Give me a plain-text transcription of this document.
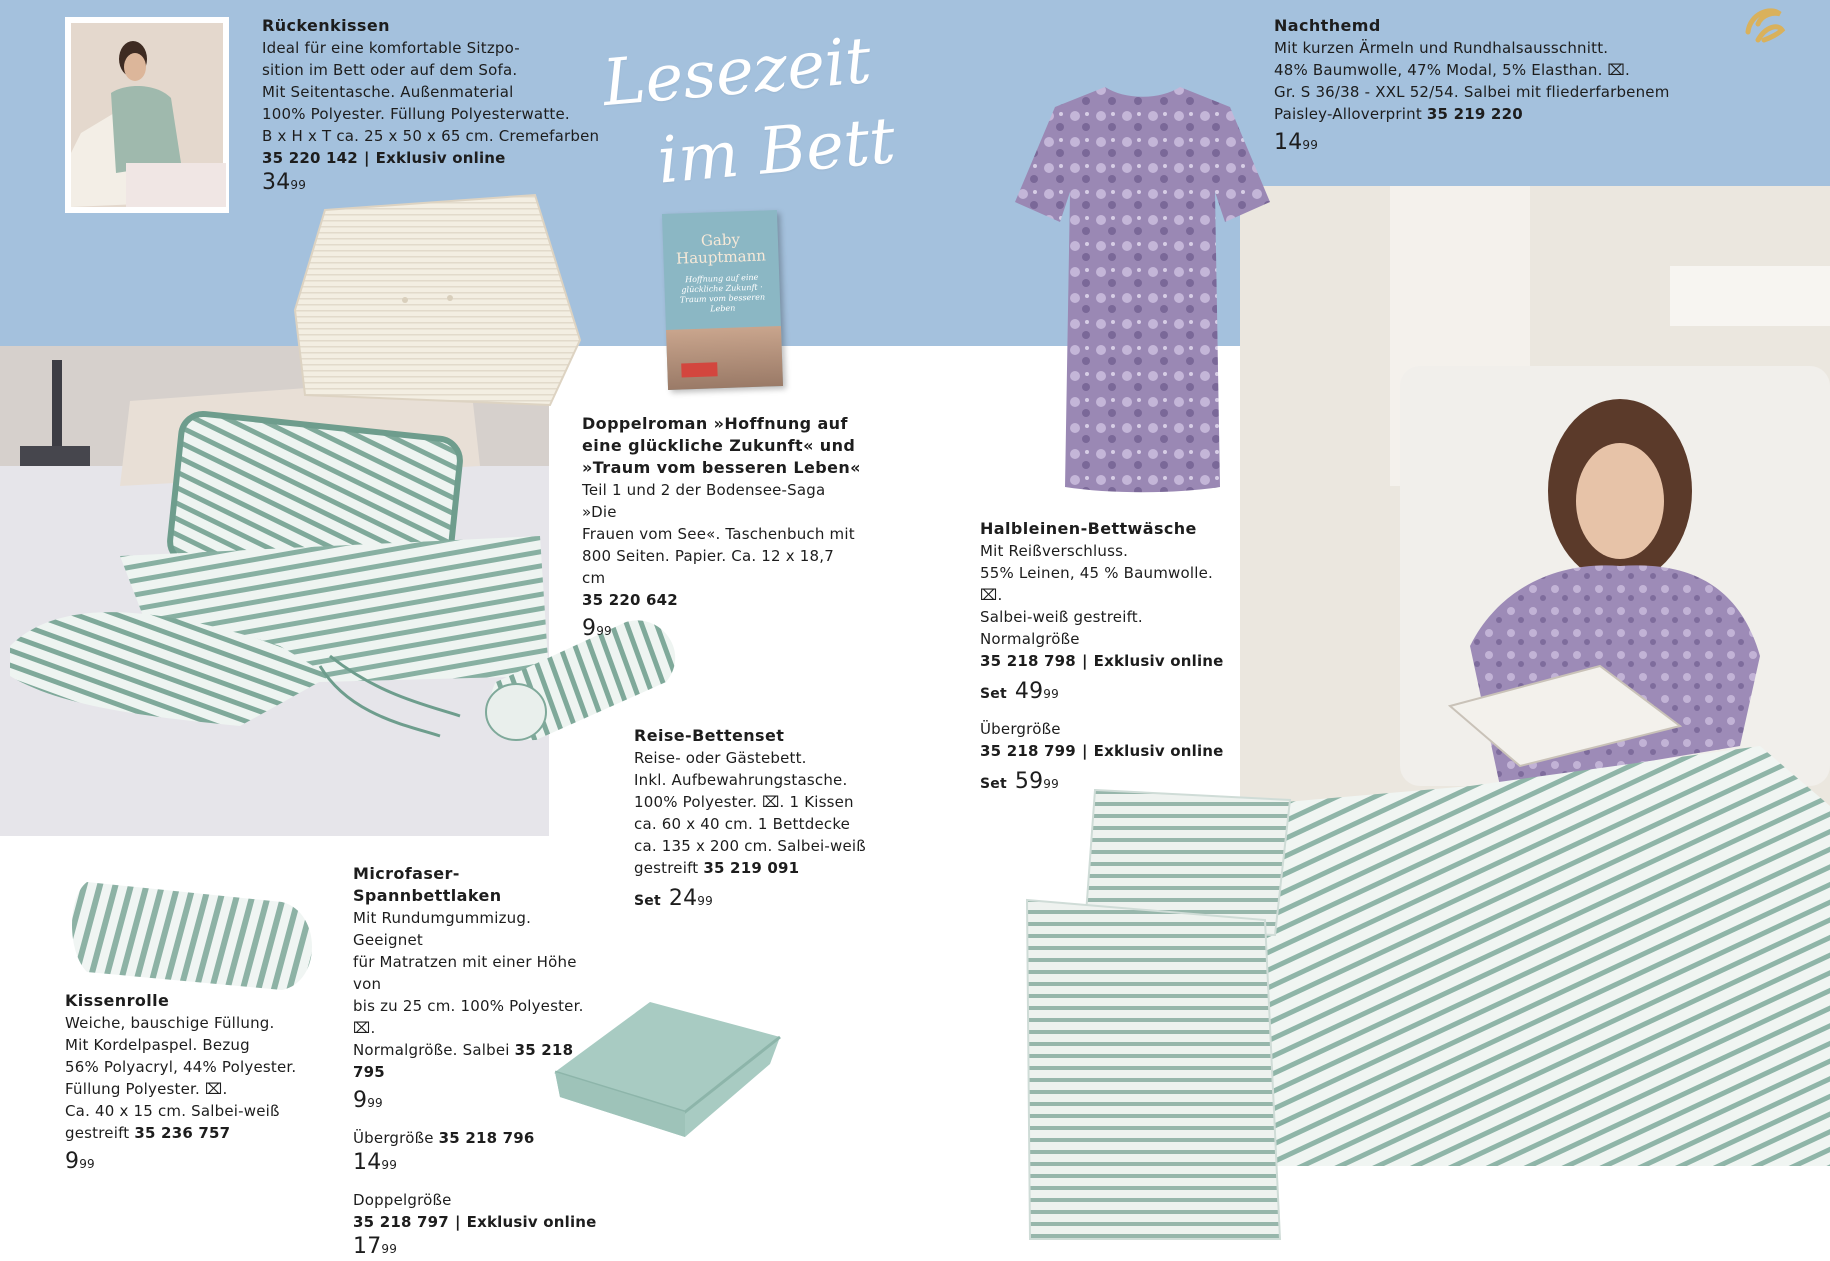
Gaby Hauptmann
Hoffnung auf eine glückliche Zukunft · Traum vom besseren Leben
Lesezeit
im Bett
Rückenkissen
Ideal für eine komfortable Sitzpo-
sition im Bett oder auf dem Sofa.
Mit Seitentasche. Außenmaterial
100% Polyester. Füllung Polyesterwatte.
B x H x T ca. 25 x 50 x 65 cm. Cremefarben
35 220 142 | Exklusiv online
$34^{99}$
Doppelroman »Hoffnung auf eine glückliche Zukunft« und »Traum vom besseren Leben«
Teil 1 und 2 der Bodensee-Saga »Die
Frauen vom See«. Taschenbuch mit
800 Seiten. Papier. Ca. 12 x 18,7 cm
35 220 642
$9^{99}$
Nachthemd
Mit kurzen Ärmeln und Rundhalsausschnitt.
48% Baumwolle, 47% Modal, 5% Elasthan. ⌧.
Gr. S 36/38 - XXL 52/54. Salbei mit fliederfarbenem
Paisley-Alloverprint 35 219 220
$14^{99}$
Halbleinen-Bettwäsche
Mit Reißverschluss.
55% Leinen, 45 % Baumwolle.
⌧.
Salbei-weiß gestreift.
Normalgröße
35 218 798 | Exklusiv online
Set $49^{99}$
Übergröße
35 218 799 | Exklusiv online
Set $59^{99}$
Reise-Bettenset
Reise- oder Gästebett.
Inkl. Aufbewahrungstasche.
100% Polyester. ⌧. 1 Kissen
ca. 60 x 40 cm. 1 Bettdecke
ca. 135 x 200 cm. Salbei-weiß
gestreift 35 219 091
Set $24^{99}$
Microfaser-Spannbettlaken
Mit Rundumgummizug. Geeignet
für Matratzen mit einer Höhe von
bis zu 25 cm. 100% Polyester. ⌧.
Normalgröße. Salbei 35 218 795
$9^{99}$
Übergröße 35 218 796
$14^{99}$
Doppelgröße
35 218 797 | Exklusiv online
$17^{99}$
Kissenrolle
Weiche, bauschige Füllung.
Mit Kordelpaspel. Bezug
56% Polyacryl, 44% Polyester.
Füllung Polyester. ⌧.
Ca. 40 x 15 cm. Salbei-weiß
gestreift 35 236 757
$9^{99}$
